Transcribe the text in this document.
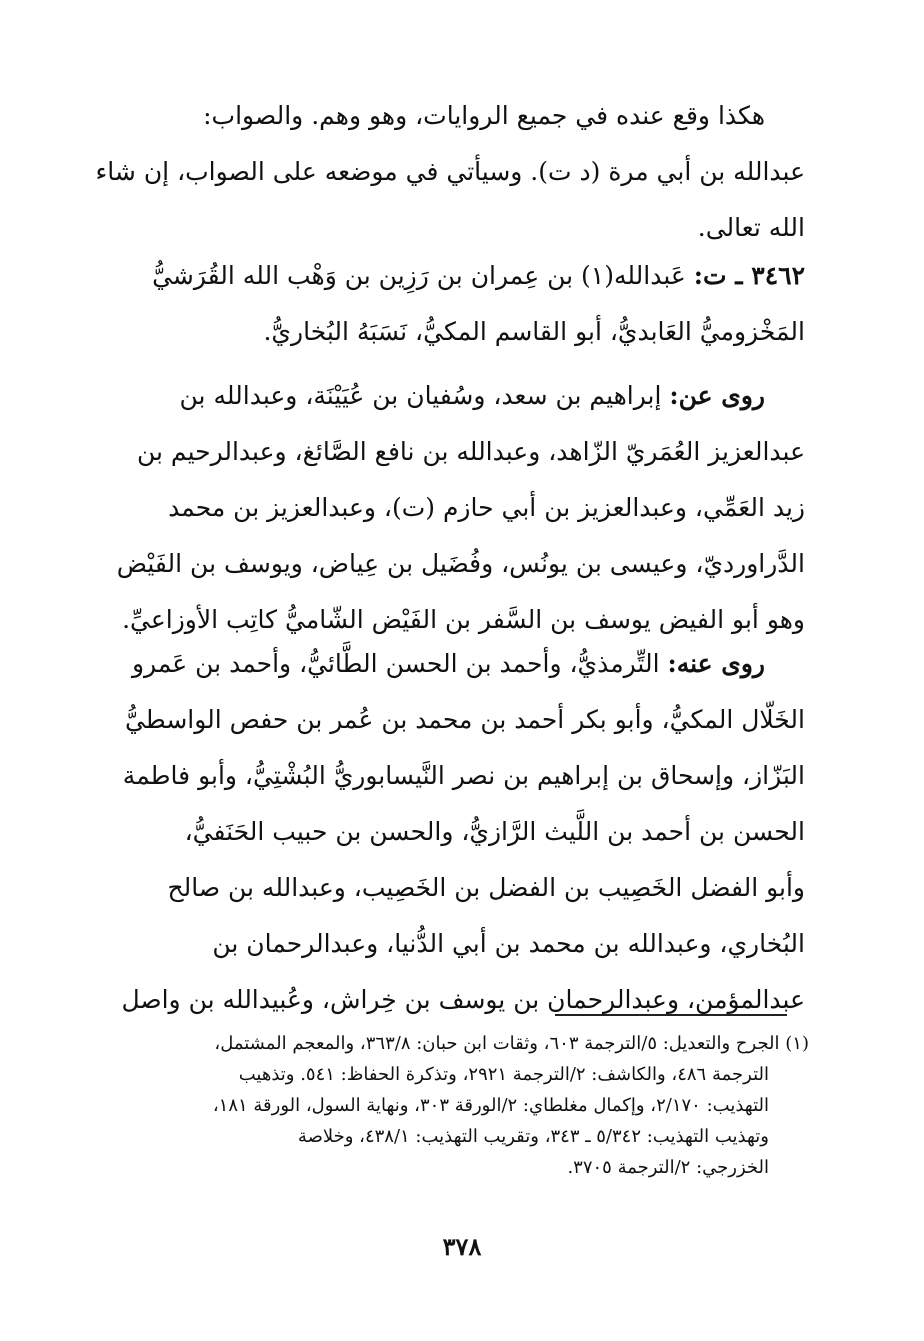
هكذا وقع عنده في جميع الروايات، وهو وهم. والصواب:
عبدالله بن أبي مرة (د ت). وسيأتي في موضعه على الصواب، إن شاء
الله تعالى.
٣٤٦٢ ـ ت: عَبدالله(١) بن عِمران بن رَزِين بن وَهْب الله القُرَشيُّ
المَخْزوميُّ العَابديُّ، أبو القاسم المكيُّ، نَسَبَهُ البُخاريُّ.
روى عن: إبراهيم بن سعد، وسُفيان بن عُيَيْنَة، وعبدالله بن
عبدالعزيز العُمَريّ الزّاهد، وعبدالله بن نافع الصَّائغ، وعبدالرحيم بن
زيد العَمِّي، وعبدالعزيز بن أبي حازم (ت)، وعبدالعزيز بن محمد
الدَّراورديّ، وعيسى بن يونُس، وفُضَيل بن عِياض، ويوسف بن الفَيْض
وهو أبو الفيض يوسف بن السَّفر بن الفَيْض الشّاميُّ كاتِب الأوزاعيِّ.
روى عنه: التِّرمذيُّ، وأحمد بن الحسن الطَّائيُّ، وأحمد بن عَمرو
الخَلّال المكيُّ، وأبو بكر أحمد بن محمد بن عُمر بن حفص الواسطيُّ
البَزّاز، وإسحاق بن إبراهيم بن نصر النَّيسابوريُّ البُشْتِيُّ، وأبو فاطمة
الحسن بن أحمد بن اللَّيث الرَّازيُّ، والحسن بن حبيب الحَنَفيُّ،
وأبو الفضل الخَصِيب بن الفضل بن الخَصِيب، وعبدالله بن صالح
البُخاري، وعبدالله بن محمد بن أبي الدُّنيا، وعبدالرحمان بن
عبدالمؤمن، وعبدالرحمان بن يوسف بن خِراش، وعُبيدالله بن واصل
(١) الجرح والتعديل: ٥/الترجمة ٦٠٣، وثقات ابن حبان: ٣٦٣/٨، والمعجم المشتمل،
الترجمة ٤٨٦، والكاشف: ٢/الترجمة ٢٩٢١، وتذكرة الحفاظ: ٥٤١. وتذهيب
التهذيب: ٢/١٧٠، وإكمال مغلطاي: ٢/الورقة ٣٠٣، ونهاية السول، الورقة ١٨١،
وتهذيب التهذيب: ٥/٣٤٢ ـ ٣٤٣، وتقريب التهذيب: ٤٣٨/١، وخلاصة
الخزرجي: ٢/الترجمة ٣٧٠٥.
٣٧٨
